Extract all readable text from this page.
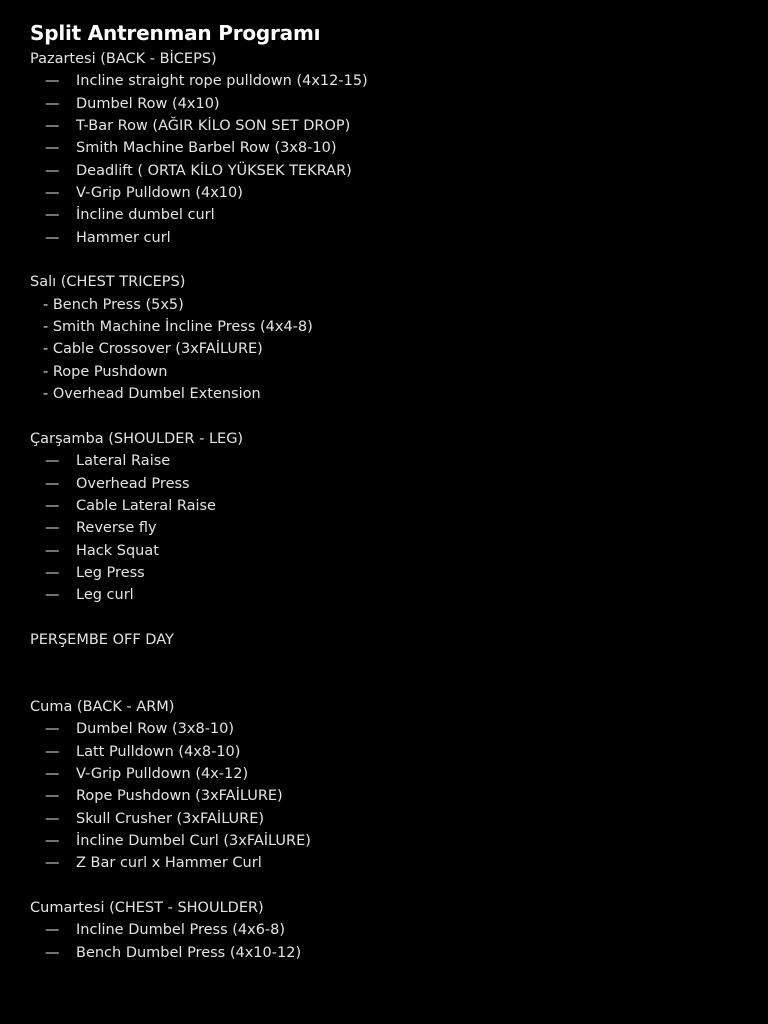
Split Antrenman Programı
Pazartesi (BACK - BİCEPS)
—	Incline straight rope pulldown (4x12-15)
—	Dumbel Row (4x10)
—	T-Bar Row (AĞIR KİLO SON SET DROP)
—	Smith Machine Barbel Row (3x8-10)
—	Deadlift ( ORTA KİLO YÜKSEK TEKRAR)
—	V-Grip Pulldown (4x10)
—	İncline dumbel curl
—	Hammer curl
Salı (CHEST TRICEPS)
- Bench Press (5x5)
- Smith Machine İncline Press (4x4-8)
- Cable Crossover (3xFAİLURE)
- Rope Pushdown
- Overhead Dumbel Extension
Çarşamba (SHOULDER - LEG)
—	Lateral Raise
—	Overhead Press
—	Cable Lateral Raise
—	Reverse fly
—	Hack Squat
—	Leg Press
—	Leg curl
PERŞEMBE OFF DAY
Cuma (BACK - ARM)
—	Dumbel Row (3x8-10)
—	Latt Pulldown (4x8-10)
—	V-Grip Pulldown (4x-12)
—	Rope Pushdown (3xFAİLURE)
—	Skull Crusher (3xFAİLURE)
—	İncline Dumbel Curl (3xFAİLURE)
—	Z Bar curl x Hammer Curl
Cumartesi (CHEST - SHOULDER)
—	Incline Dumbel Press (4x6-8)
—	Bench Dumbel Press (4x10-12)
